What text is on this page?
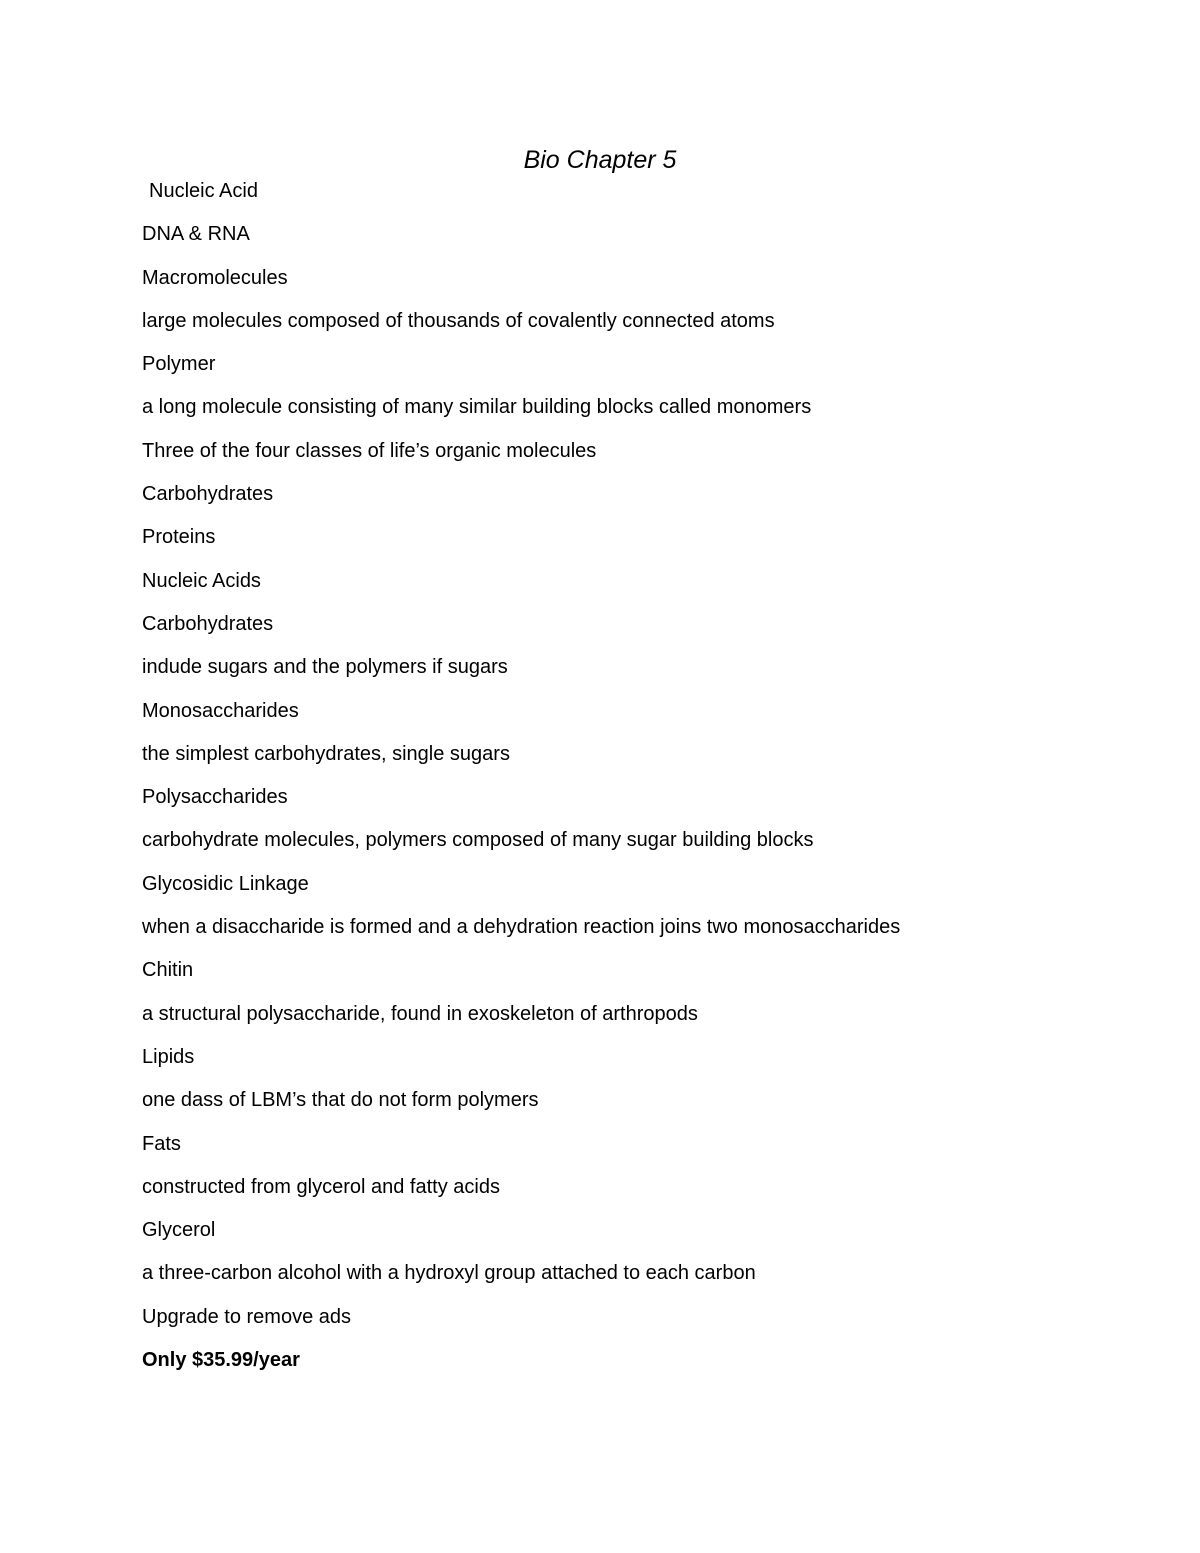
Bio Chapter 5
Nucleic Acid
DNA & RNA
Macromolecules
large molecules composed of thousands of covalently connected atoms
Polymer
a long molecule consisting of many similar building blocks called monomers
Three of the four classes of life’s organic molecules
Carbohydrates
Proteins
Nucleic Acids
Carbohydrates
indude sugars and the polymers if sugars
Monosaccharides
the simplest carbohydrates, single sugars
Polysaccharides
carbohydrate molecules, polymers composed of many sugar building blocks
Glycosidic Linkage
when a disaccharide is formed and a dehydration reaction joins two monosaccharides
Chitin
a structural polysaccharide, found in exoskeleton of arthropods
Lipids
one dass of LBM’s that do not form polymers
Fats
constructed from glycerol and fatty acids
Glycerol
a three-carbon alcohol with a hydroxyl group attached to each carbon
Upgrade to remove ads
Only $35.99/year
